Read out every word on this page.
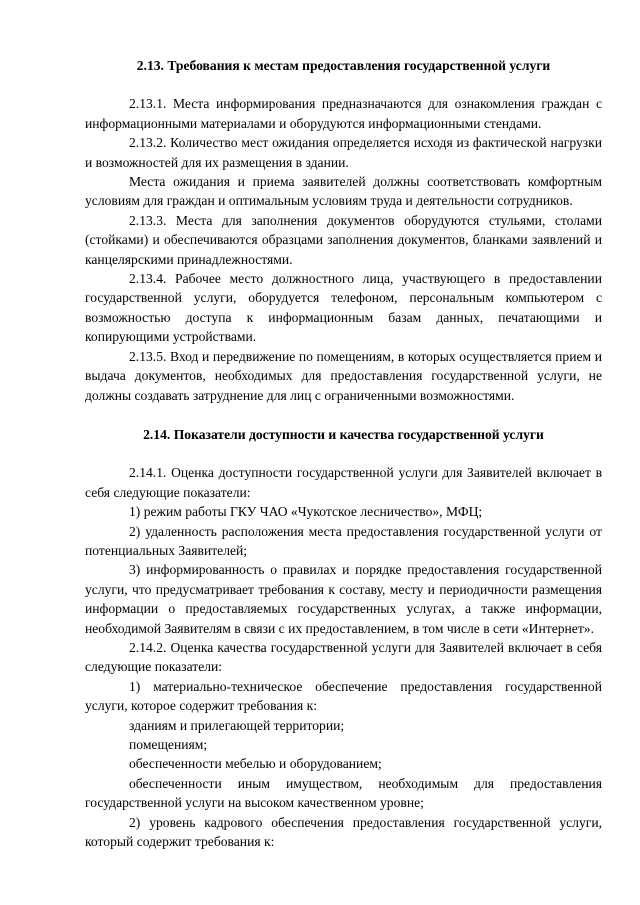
2.13. Требования к местам предоставления государственной услуги

2.13.1. Места информирования предназначаются для ознакомления граждан с информационными материалами и оборудуются информационными стендами.

2.13.2. Количество мест ожидания определяется исходя из фактической нагрузки и возможностей для их размещения в здании.

Места ожидания и приема заявителей должны соответствовать комфортным условиям для граждан и оптимальным условиям труда и деятельности сотрудников.

2.13.3. Места для заполнения документов оборудуются стульями, столами (стойками) и обеспечиваются образцами заполнения документов, бланками заявлений и канцелярскими принадлежностями.

2.13.4. Рабочее место должностного лица, участвующего в предоставлении государственной услуги, оборудуется телефоном, персональным компьютером с возможностью доступа к информационным базам данных, печатающими и копирующими устройствами.

2.13.5. Вход и передвижение по помещениям, в которых осуществляется прием и выдача документов, необходимых для предоставления государственной услуги, не должны создавать затруднение для лиц с ограниченными возможностями.

2.14. Показатели доступности и качества государственной услуги

2.14.1. Оценка доступности государственной услуги для Заявителей включает в себя следующие показатели:

1) режим работы ГКУ ЧАО «Чукотское лесничество», МФЦ;

2) удаленность расположения места предоставления государственной услуги от потенциальных Заявителей;

3) информированность о правилах и порядке предоставления государственной услуги, что предусматривает требования к составу, месту и периодичности размещения информации о предоставляемых государственных услугах, а также информации, необходимой Заявителям в связи с их предоставлением, в том числе в сети «Интернет».

2.14.2. Оценка качества государственной услуги для Заявителей включает в себя следующие показатели:

1) материально-техническое обеспечение предоставления государственной услуги, которое содержит требования к:

зданиям и прилегающей территории;

помещениям;

обеспеченности мебелью и оборудованием;

обеспеченности иным имуществом, необходимым для предоставления государственной услуги на высоком качественном уровне;

2) уровень кадрового обеспечения предоставления государственной услуги, который содержит требования к:
